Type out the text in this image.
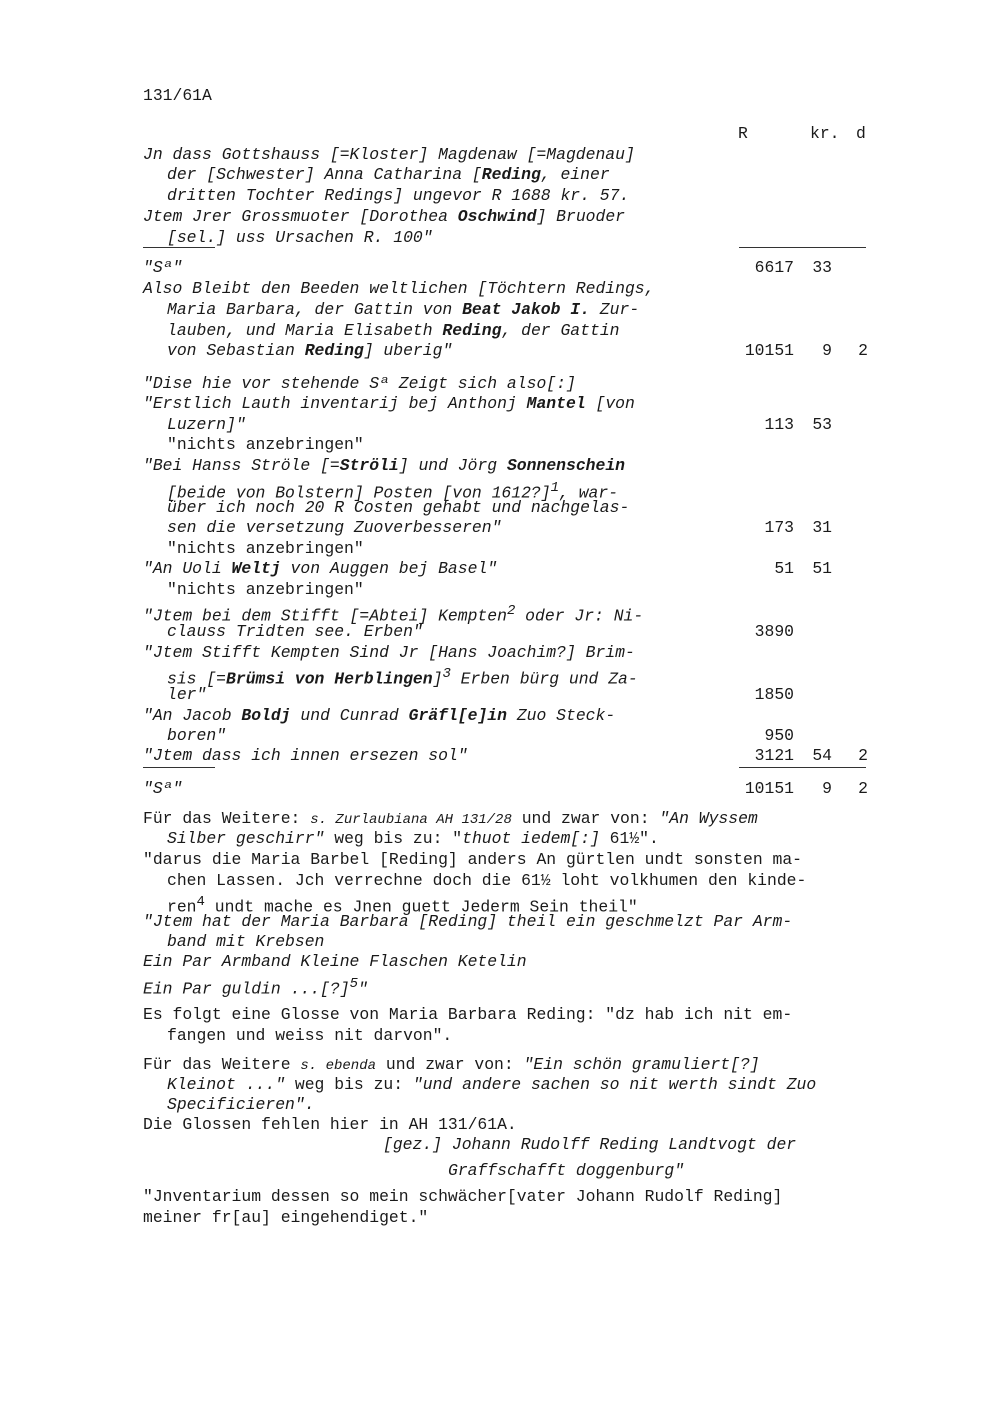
131/61A
R	kr. d
Jn dass Gottshauss [=Kloster] Magdenaw [=Magdenau]
der [Schwester] Anna Catharina [Reding, einer
dritten Tochter Redings] ungevor R 1688 kr. 57.
Jtem Jrer Grossmuoter [Dorothea Oschwind] Bruoder
[sel.] uss Ursachen R. 100"
"Sª"	6617	33
Also Bleibt den Beeden weltlichen [Töchtern Redings,
Maria Barbara, der Gattin von Beat Jakob I. Zur-
lauben, und Maria Elisabeth Reding, der Gattin
von Sebastian Reding] uberig"	10151	9	2
"Dise hie vor stehende Sª Zeigt sich also[:]
"Erstlich Lauth inventarij bej Anthonj Mantel [von
Luzern]"	113	53
"nichts anzebringen"
"Bei Hanss Ströle [=Ströli] und Jörg Sonnenschein
[beide von Bolstern] Posten [von 1612?]$^1$, war-
über ich noch 20 R Costen gehabt und nachgelas-
sen die versetzung Zuoverbesseren"	173	31
"nichts anzebringen"
"An Uoli Weltj von Auggen bej Basel"	51	51
"nichts anzebringen"
"Jtem bei dem Stifft [=Abtei] Kempten$^2$ oder Jr: Ni-
clauss Tridten see. Erben"	3890
"Jtem Stifft Kempten Sind Jr [Hans Joachim?] Brim-
sis [=Brümsi von Herblingen]$^3$ Erben bürg und Za-
ler"	1850
"An Jacob Boldj und Cunrad Gräfl[e]in Zuo Steck-
boren"	950
"Jtem dass ich innen ersezen sol"	3121	54	2
"Sª"	10151	9	2
Für das Weitere: s. Zurlaubiana AH 131/28 und zwar von: "An Wyssem
Silber geschirr" weg bis zu: "thuot iedem[:] 61½".
"darus die Maria Barbel [Reding] anders An gürtlen undt sonsten ma-
chen Lassen. Jch verrechne doch die 61½ loht volkhumen den kinde-
ren$^4$ undt mache es Jnen guett Jederm Sein theil"
"Jtem hat der Maria Barbara [Reding] theil ein geschmelzt Par Arm-
band mit Krebsen
Ein Par Armband Kleine Flaschen Ketelin
Ein Par guldin ...[?]$^5$"
Es folgt eine Glosse von Maria Barbara Reding: "dz hab ich nit em-
fangen und weiss nit darvon".
Für das Weitere s. ebenda und zwar von: "Ein schön gramuliert[?]
Kleinot ..." weg bis zu: "und andere sachen so nit werth sindt Zuo
Specificieren".
Die Glossen fehlen hier in AH 131/61A.
[gez.] Johann Rudolff Reding Landtvogt der
Graffschafft doggenburg"
"Jnventarium dessen so mein schwächer[vater Johann Rudolf Reding]
meiner fr[au] eingehendiget."
